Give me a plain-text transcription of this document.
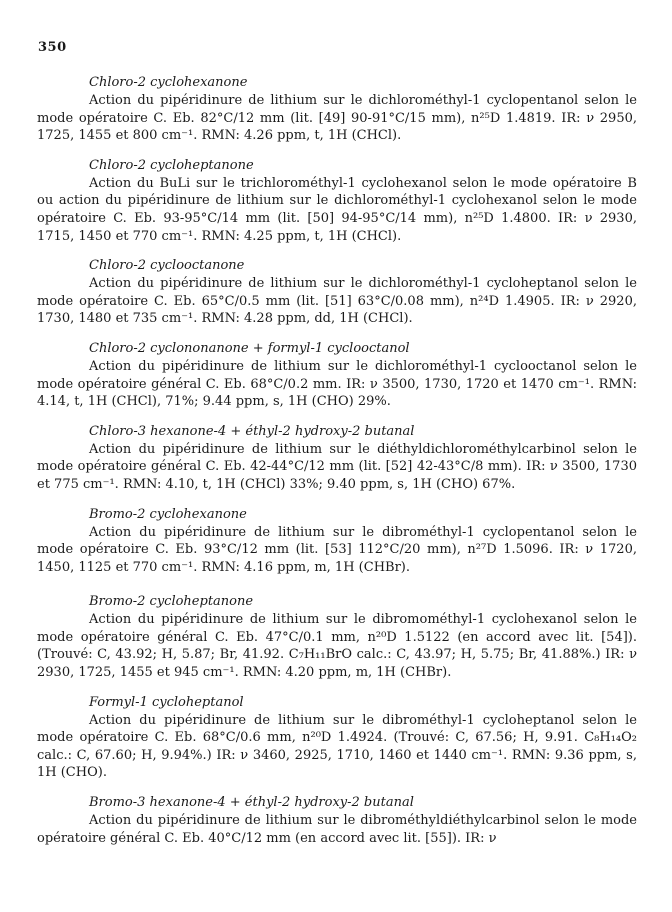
350
Chloro-2 cyclohexanone

Action du pipéridinure de lithium sur le dichlorométhyl-1 cyclopentanol selon le mode opératoire C. Eb. 82°C/12 mm (lit. [49] 90-91°C/15 mm), n²⁵D 1.4819. IR: ν 2950, 1725, 1455 et 800 cm⁻¹. RMN: 4.26 ppm, t, 1H (CHCl).

Chloro-2 cycloheptanone

Action du BuLi sur le trichlorométhyl-1 cyclohexanol selon le mode opératoire B ou action du pipéridinure de lithium sur le dichlorométhyl-1 cyclohexanol selon le mode opératoire C. Eb. 93-95°C/14 mm (lit. [50] 94-95°C/14 mm), n²⁵D 1.4800. IR: ν 2930, 1715, 1450 et 770 cm⁻¹. RMN: 4.25 ppm, t, 1H (CHCl).

Chloro-2 cyclooctanone

Action du pipéridinure de lithium sur le dichlorométhyl-1 cycloheptanol selon le mode opératoire C. Eb. 65°C/0.5 mm (lit. [51] 63°C/0.08 mm), n²⁴D 1.4905. IR: ν 2920, 1730, 1480 et 735 cm⁻¹. RMN: 4.28 ppm, dd, 1H (CHCl).

Chloro-2 cyclononanone + formyl-1 cyclooctanol

Action du pipéridinure de lithium sur le dichlorométhyl-1 cyclooctanol selon le mode opératoire général C. Eb. 68°C/0.2 mm. IR: ν 3500, 1730, 1720 et 1470 cm⁻¹. RMN: 4.14, t, 1H (CHCl), 71%; 9.44 ppm, s, 1H (CHO) 29%.

Chloro-3 hexanone-4 + éthyl-2 hydroxy-2 butanal

Action du pipéridinure de lithium sur le diéthyldichlorométhylcarbinol selon le mode opératoire général C. Eb. 42-44°C/12 mm (lit. [52] 42-43°C/8 mm). IR: ν 3500, 1730 et 775 cm⁻¹. RMN: 4.10, t, 1H (CHCl) 33%; 9.40 ppm, s, 1H (CHO) 67%.

Bromo-2 cyclohexanone

Action du pipéridinure de lithium sur le dibrométhyl-1 cyclopentanol selon le mode opératoire C. Eb. 93°C/12 mm (lit. [53] 112°C/20 mm), n²⁷D 1.5096. IR: ν 1720, 1450, 1125 et 770 cm⁻¹. RMN: 4.16 ppm, m, 1H (CHBr).

Bromo-2 cycloheptanone

Action du pipéridinure de lithium sur le dibromométhyl-1 cyclohexanol selon le mode opératoire général C. Eb. 47°C/0.1 mm, n²⁰D 1.5122 (en accord avec lit. [54]). (Trouvé: C, 43.92; H, 5.87; Br, 41.92. C₇H₁₁BrO calc.: C, 43.97; H, 5.75; Br, 41.88%.) IR: ν 2930, 1725, 1455 et 945 cm⁻¹. RMN: 4.20 ppm, m, 1H (CHBr).

Formyl-1 cycloheptanol

Action du pipéridinure de lithium sur le dibrométhyl-1 cycloheptanol selon le mode opératoire C. Eb. 68°C/0.6 mm, n²⁰D 1.4924. (Trouvé: C, 67.56; H, 9.91. C₈H₁₄O₂ calc.: C, 67.60; H, 9.94%.) IR: ν 3460, 2925, 1710, 1460 et 1440 cm⁻¹. RMN: 9.36 ppm, s, 1H (CHO).

Bromo-3 hexanone-4 + éthyl-2 hydroxy-2 butanal

Action du pipéridinure de lithium sur le dibrométhyldiéthylcarbinol selon le mode opératoire général C. Eb. 40°C/12 mm (en accord avec lit. [55]). IR: ν
